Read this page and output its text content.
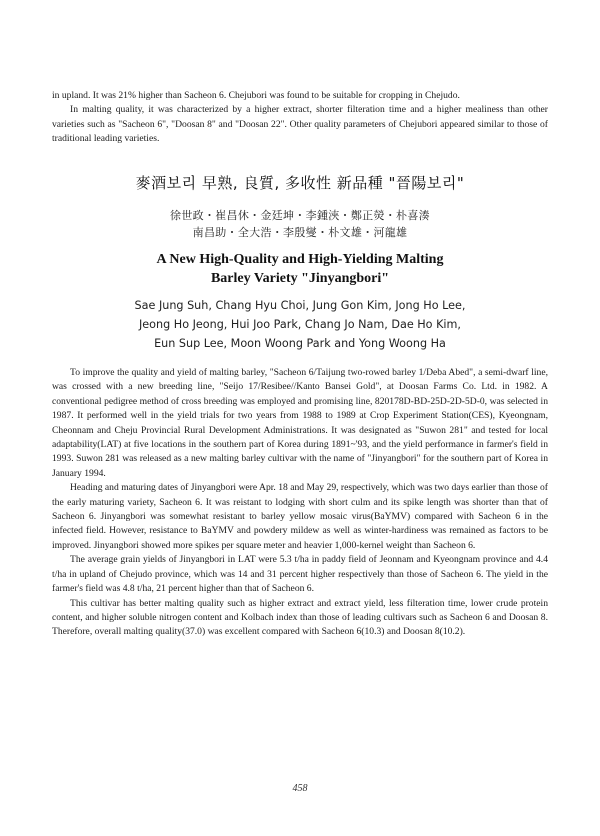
in upland. It was 21% higher than Sacheon 6. Chejubori was found to be suitable for cropping in Chejudo.

In malting quality, it was characterized by a higher extract, shorter filteration time and a higher mealiness than other varieties such as "Sacheon 6", "Doosan 8" and "Doosan 22". Other quality parameters of Chejubori appeared similar to those of traditional leading varieties.

麥酒보리 早熟, 良質, 多收性 新品種 "晉陽보리"
徐世政・崔昌休・金廷坤・李鍾浹・鄭正熒・朴喜湊
南昌助・全大浩・李殷燮・朴文雄・河龍雄
A New High-Quality and High-Yielding Malting
Barley Variety "Jinyangbori"
Sae Jung Suh, Chang Hyu Choi, Jung Gon Kim, Jong Ho Lee,
Jeong Ho Jeong, Hui Joo Park, Chang Jo Nam, Dae Ho Kim,
Eun Sup Lee, Moon Woong Park and Yong Woong Ha

To improve the quality and yield of malting barley, "Sacheon 6/Taijung two-rowed barley 1/Deba Abed", a semi-dwarf line, was crossed with a new breeding line, "Seijo 17/Resibee//Kanto Bansei Gold", at Doosan Farms Co. Ltd. in 1982. A conventional pedigree method of cross breeding was employed and promising line, 820178D-BD-25D-2D-5D-0, was selected in 1987. It performed well in the yield trials for two years from 1988 to 1989 at Crop Experiment Station(CES), Kyeongnam, Cheonnam and Cheju Provincial Rural Development Administrations. It was designated as "Suwon 281" and tested for local adaptability(LAT) at five locations in the southern part of Korea during 1891~'93, and the yield performance in farmer's field in 1993. Suwon 281 was released as a new malting barley cultivar with the name of "Jinyangbori" for the southern part of Korea in January 1994.

Heading and maturing dates of Jinyangbori were Apr. 18 and May 29, respectively, which was two days earlier than those of the early maturing variety, Sacheon 6. It was reistant to lodging with short culm and its spike length was shorter than that of Sacheon 6. Jinyangbori was somewhat resistant to barley yellow mosaic virus(BaYMV) compared with Sacheon 6 in the infected field. However, resistance to BaYMV and powdery mildew as well as winter-hardiness was remained as factors to be improved. Jinyangbori showed more spikes per square meter and heavier 1,000-kernel weight than Sacheon 6.

The average grain yields of Jinyangbori in LAT were 5.3 t/ha in paddy field of Jeonnam and Kyeongnam province and 4.4 t/ha in upland of Chejudo province, which was 14 and 31 percent higher respectively than those of Sacheon 6. The yield in the farmer's field was 4.8 t/ha, 21 percent higher than that of Sacheon 6.

This cultivar has better malting quality such as higher extract and extract yield, less filteration time, lower crude protein content, and higher soluble nitrogen content and Kolbach index than those of leading cultivars such as Sacheon 6 and Doosan 8. Therefore, overall malting quality(37.0) was excellent compared with Sacheon 6(10.3) and Doosan 8(10.2).

458
